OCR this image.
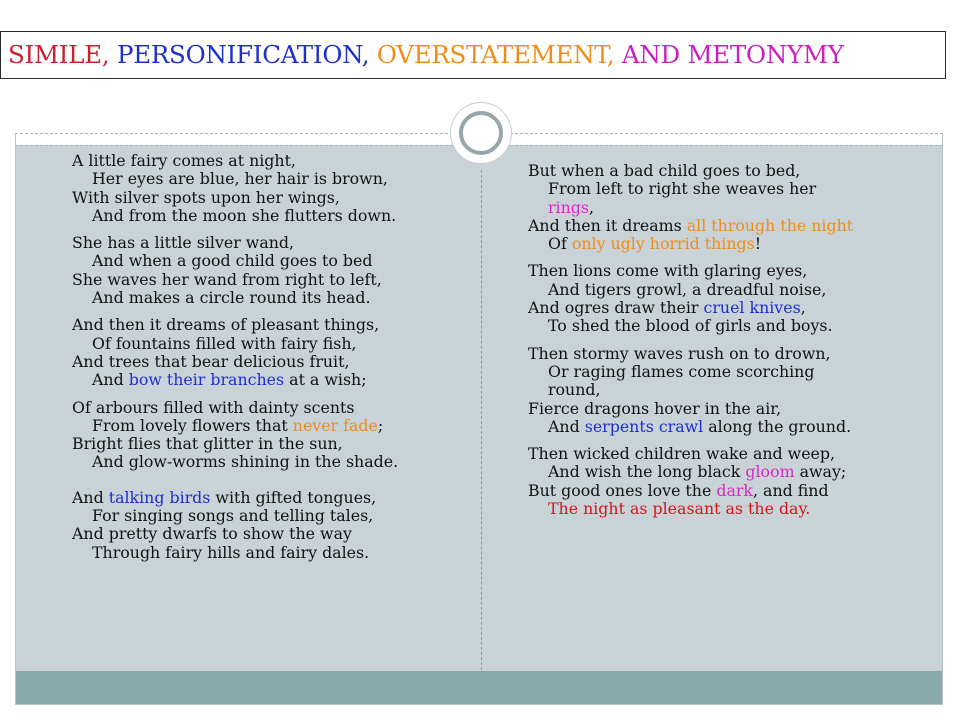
SIMILE, PERSONIFICATION, OVERSTATEMENT, AND METONYMY
A little fairy comes at night,
Her eyes are blue, her hair is brown,
With silver spots upon her wings,
And from the moon she flutters down.
She has a little silver wand,
And when a good child goes to bed
She waves her wand from right to left,
And makes a circle round its head.
And then it dreams of pleasant things,
Of fountains filled with fairy fish,
And trees that bear delicious fruit,
And bow their branches at a wish;
Of arbours filled with dainty scents
From lovely flowers that never fade;
Bright flies that glitter in the sun,
And glow-worms shining in the shade.
And talking birds with gifted tongues,
For singing songs and telling tales,
And pretty dwarfs to show the way
Through fairy hills and fairy dales.
But when a bad child goes to bed,
From left to right she weaves her rings,
And then it dreams all through the night
Of only ugly horrid things!
Then lions come with glaring eyes,
And tigers growl, a dreadful noise,
And ogres draw their cruel knives,
To shed the blood of girls and boys.
Then stormy waves rush on to drown,
Or raging flames come scorching round,
Fierce dragons hover in the air,
And serpents crawl along the ground.
Then wicked children wake and weep,
And wish the long black gloom away;
But good ones love the dark, and find
The night as pleasant as the day.
